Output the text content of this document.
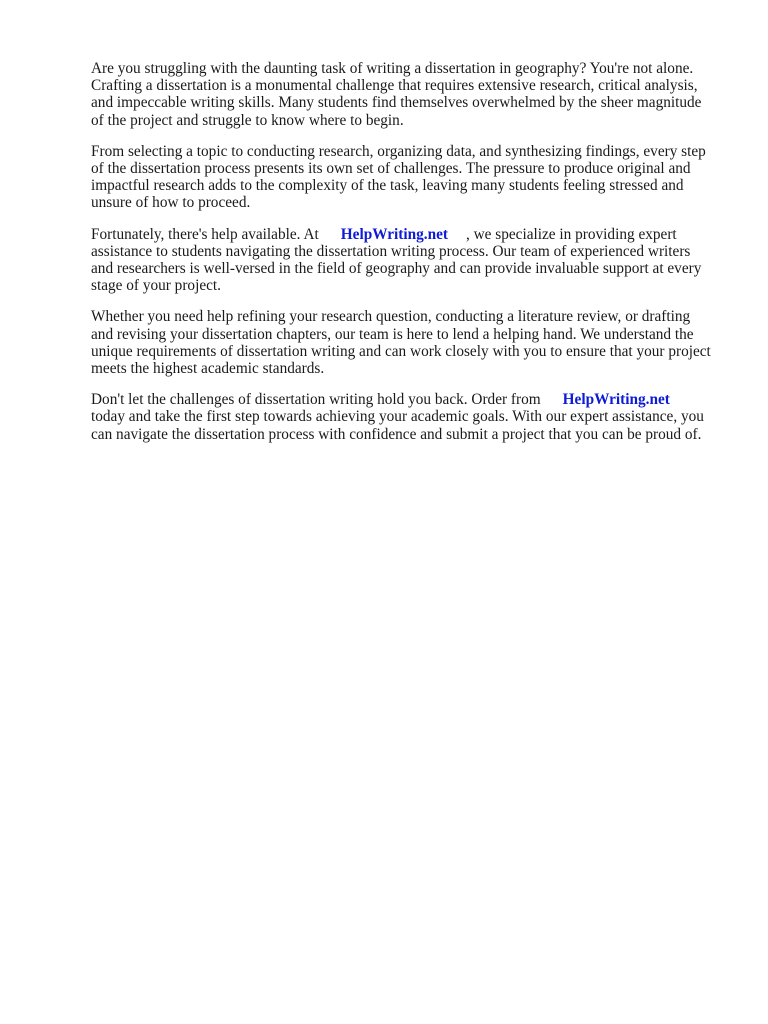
Are you struggling with the daunting task of writing a dissertation in geography? You're not alone.

Crafting a dissertation is a monumental challenge that requires extensive research, critical analysis,

and impeccable writing skills. Many students find themselves overwhelmed by the sheer magnitude

of the project and struggle to know where to begin.

From selecting a topic to conducting research, organizing data, and synthesizing findings, every step

of the dissertation process presents its own set of challenges. The pressure to produce original and

impactful research adds to the complexity of the task, leaving many students feeling stressed and

unsure of how to proceed.

Fortunately, there's help available. At HelpWriting.net , we specialize in providing expert

assistance to students navigating the dissertation writing process. Our team of experienced writers

and researchers is well-versed in the field of geography and can provide invaluable support at every

stage of your project.

Whether you need help refining your research question, conducting a literature review, or drafting

and revising your dissertation chapters, our team is here to lend a helping hand. We understand the

unique requirements of dissertation writing and can work closely with you to ensure that your project

meets the highest academic standards.

Don't let the challenges of dissertation writing hold you back. Order from HelpWriting.net

today and take the first step towards achieving your academic goals. With our expert assistance, you

can navigate the dissertation process with confidence and submit a project that you can be proud of.
